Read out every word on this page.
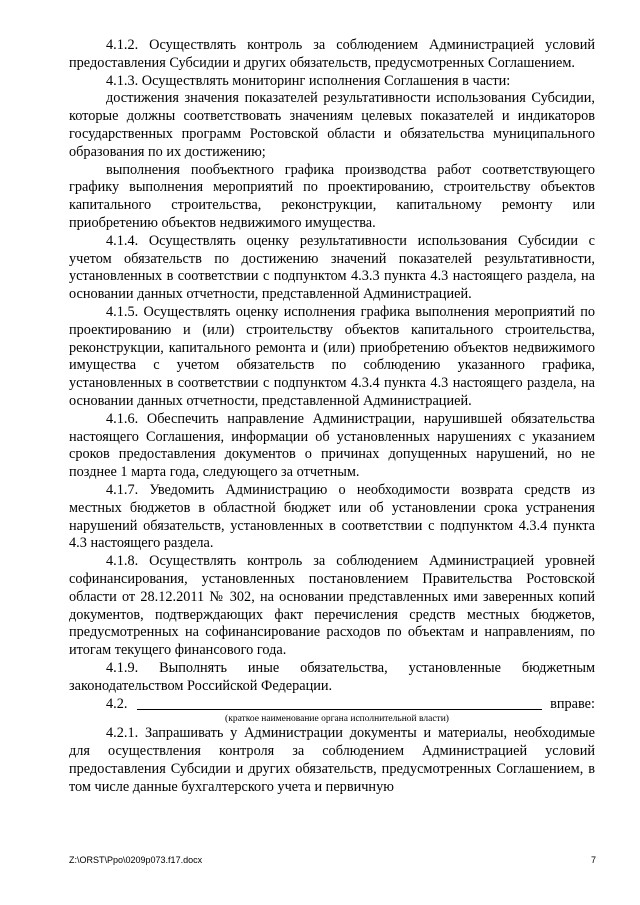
4.1.2. Осуществлять контроль за соблюдением Администрацией условий предоставления Субсидии и других обязательств, предусмотренных Соглашением.

4.1.3. Осуществлять мониторинг исполнения Соглашения в части:

достижения значения показателей результативности использования Субсидии, которые должны соответствовать значениям целевых показателей и индикаторов государственных программ Ростовской области и обязательства муниципального образования по их достижению;

выполнения пообъектного графика производства работ соответствующего графику выполнения мероприятий по проектированию, строительству объектов капитального строительства, реконструкции, капитальному ремонту или приобретению объектов недвижимого имущества.

4.1.4. Осуществлять оценку результативности использования Субсидии с учетом обязательств по достижению значений показателей результативности, установленных в соответствии с подпунктом 4.3.3 пункта 4.3 настоящего раздела, на основании данных отчетности, представленной Администрацией.

4.1.5. Осуществлять оценку исполнения графика выполнения мероприятий по проектированию и (или) строительству объектов капитального строительства, реконструкции, капитального ремонта и (или) приобретению объектов недвижимого имущества с учетом обязательств по соблюдению указанного графика, установленных в соответствии с подпунктом 4.3.4 пункта 4.3 настоящего раздела, на основании данных отчетности, представленной Администрацией.

4.1.6. Обеспечить направление Администрации, нарушившей обязательства настоящего Соглашения, информации об установленных нарушениях с указанием сроков предоставления документов о причинах допущенных нарушений, но не позднее 1 марта года, следующего за отчетным.

4.1.7. Уведомить Администрацию о необходимости возврата средств из местных бюджетов в областной бюджет или об установлении срока устранения нарушений обязательств, установленных в соответствии с подпунктом 4.3.4 пункта 4.3 настоящего раздела.

4.1.8. Осуществлять контроль за соблюдением Администрацией уровней софинансирования, установленных постановлением Правительства Ростовской области от 28.12.2011 № 302, на основании представленных ими заверенных копий документов, подтверждающих факт перечисления средств местных бюджетов, предусмотренных на софинансирование расходов по объектам и направлениям, по итогам текущего финансового года.

4.1.9. Выполнять иные обязательства, установленные бюджетным законодательством Российской Федерации.

4.2.	вправе:

(краткое наименование органа исполнительной власти)

4.2.1. Запрашивать у Администрации документы и материалы, необходимые для осуществления контроля за соблюдением Администрацией условий предоставления Субсидии и других обязательств, предусмотренных Соглашением, в том числе данные бухгалтерского учета и первичную

Z:\ORST\Ppo\0209p073.f17.docx	7
